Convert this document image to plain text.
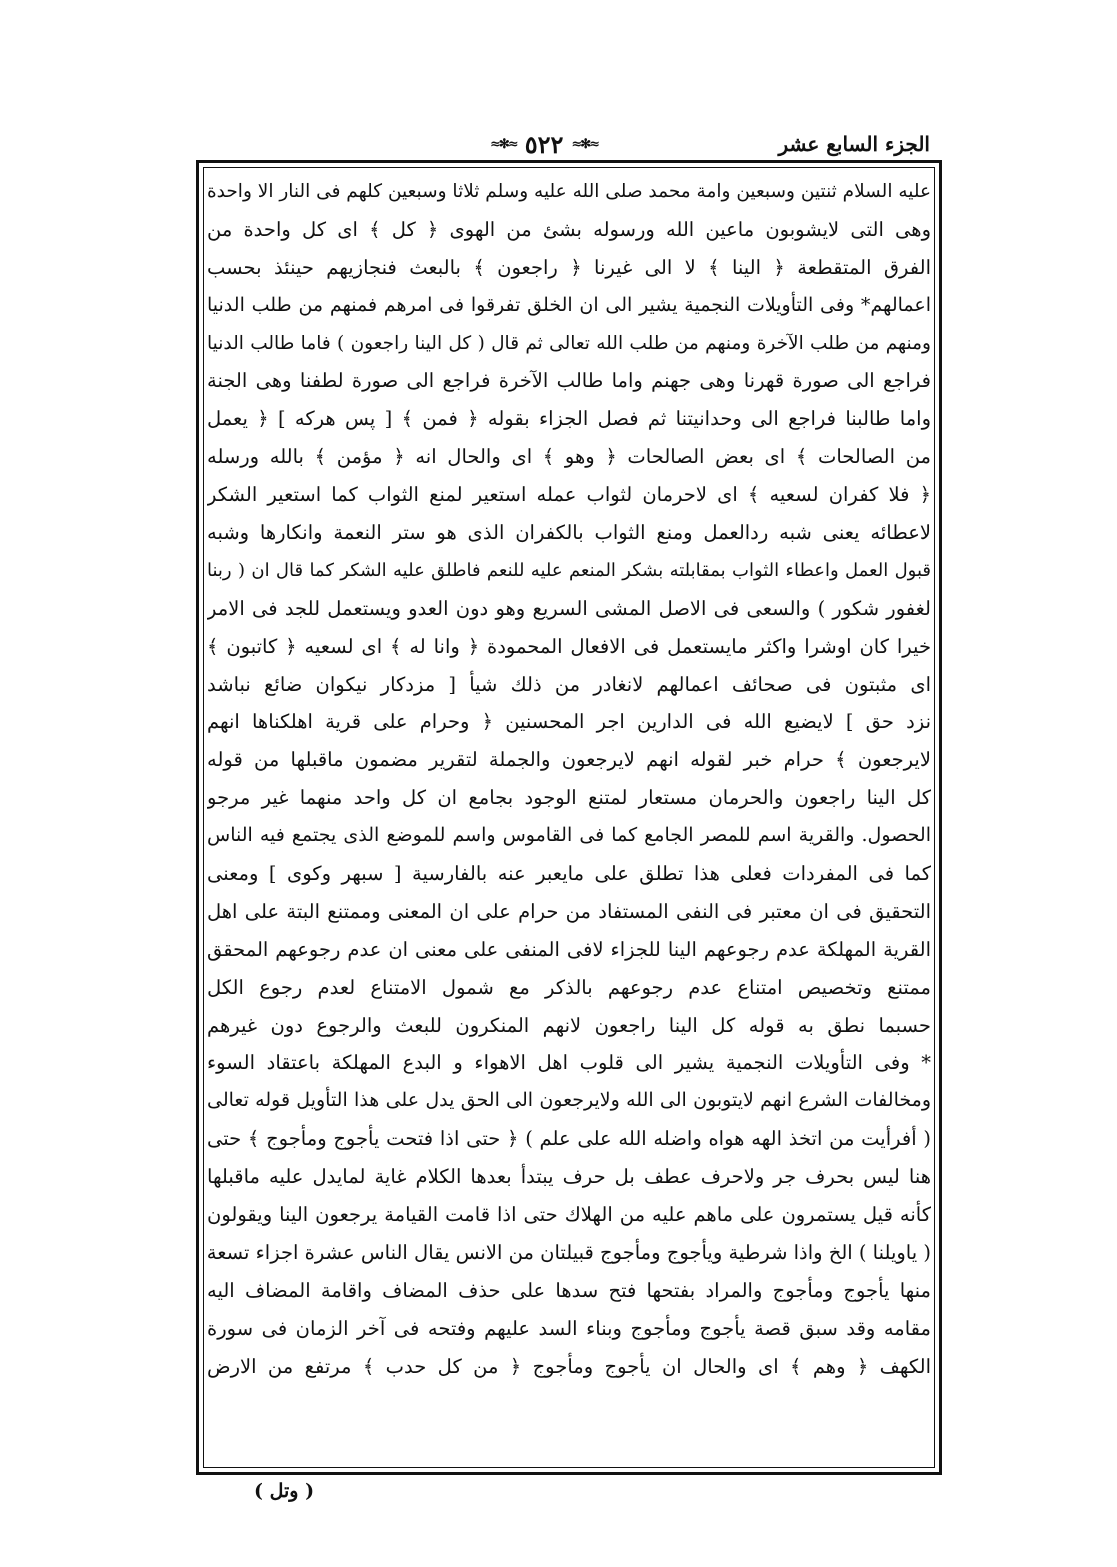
الجزء السابع عشر
≈✻≈ ٥٢٢ ≈✻≈
عليه السلام ثنتين وسبعين وامة محمد صلى الله عليه وسلم ثلاثا وسبعين كلهم فى النار الا واحدة
وهى التى لايشوبون ماعين الله ورسوله بشئ من الهوى ﴿ كل ﴾ اى كل واحدة من
الفرق المتقطعة ﴿ الينا ﴾ لا الى غيرنا ﴿ راجعون ﴾ بالبعث فنجازيهم حينئذ بحسب
اعمالهم* وفى التأويلات النجمية يشير الى ان الخلق تفرقوا فى امرهم فمنهم من طلب الدنيا
ومنهم من طلب الآخرة ومنهم من طلب الله تعالى ثم قال ( كل الينا راجعون ) فاما طالب الدنيا
فراجع الى صورة قهرنا وهى جهنم واما طالب الآخرة فراجع الى صورة لطفنا وهى الجنة
واما طالبنا فراجع الى وحدانيتنا ثم فصل الجزاء بقوله ﴿ فمن ﴾ [ پس هركه ] ﴿ يعمل
من الصالحات ﴾ اى بعض الصالحات ﴿ وهو ﴾ اى والحال انه ﴿ مؤمن ﴾ بالله ورسله
﴿ فلا كفران لسعيه ﴾ اى لاحرمان لثواب عمله استعير لمنع الثواب كما استعير الشكر
لاعطائه يعنى شبه ردالعمل ومنع الثواب بالكفران الذى هو ستر النعمة وانكارها وشبه
قبول العمل واعطاء الثواب بمقابلته بشكر المنعم عليه للنعم فاطلق عليه الشكر كما قال ان ( ربنا
لغفور شكور ) والسعى فى الاصل المشى السريع وهو دون العدو ويستعمل للجد فى الامر
خيرا كان اوشرا واكثر مايستعمل فى الافعال المحمودة ﴿ وانا له ﴾ اى لسعيه ﴿ كاتبون ﴾
اى مثبتون فى صحائف اعمالهم لانغادر من ذلك شيأ [ مزدكار نيكوان ضائع نباشد
نزد حق ] لايضيع الله فى الدارين اجر المحسنين ﴿ وحرام على قرية اهلكناها انهم
لايرجعون ﴾ حرام خبر لقوله انهم لايرجعون والجملة لتقرير مضمون ماقبلها من قوله
كل الينا راجعون والحرمان مستعار لمتنع الوجود بجامع ان كل واحد منهما غير مرجو
الحصول. والقرية اسم للمصر الجامع كما فى القاموس واسم للموضع الذى يجتمع فيه الناس
كما فى المفردات فعلى هذا تطلق على مايعبر عنه بالفارسية [ سبهر وكوى ] ومعنى
التحقيق فى ان معتبر فى النفى المستفاد من حرام على ان المعنى وممتنع البتة على اهل
القرية المهلكة عدم رجوعهم الينا للجزاء لافى المنفى على معنى ان عدم رجوعهم المحقق
ممتنع وتخصيص امتناع عدم رجوعهم بالذكر مع شمول الامتناع لعدم رجوع الكل
حسبما نطق به قوله كل الينا راجعون لانهم المنكرون للبعث والرجوع دون غيرهم
* وفى التأويلات النجمية يشير الى قلوب اهل الاهواء و البدع المهلكة باعتقاد السوء
ومخالفات الشرع انهم لايتوبون الى الله ولايرجعون الى الحق يدل على هذا التأويل قوله تعالى
( أفرأيت من اتخذ الهه هواه واضله الله على علم ) ﴿ حتى اذا فتحت يأجوج ومأجوج ﴾ حتى
هنا ليس بحرف جر ولاحرف عطف بل حرف يبتدأ بعدها الكلام غاية لمايدل عليه ماقبلها
كأنه قيل يستمرون على ماهم عليه من الهلاك حتى اذا قامت القيامة يرجعون الينا ويقولون
( ياويلنا ) الخ واذا شرطية ويأجوج ومأجوج قبيلتان من الانس يقال الناس عشرة اجزاء تسعة
منها يأجوج ومأجوج والمراد بفتحها فتح سدها على حذف المضاف واقامة المضاف اليه
مقامه وقد سبق قصة يأجوج ومأجوج وبناء السد عليهم وفتحه فى آخر الزمان فى سورة
الكهف ﴿ وهم ﴾ اى والحال ان يأجوج ومأجوج ﴿ من كل حدب ﴾ مرتفع من الارض
( وتل )
